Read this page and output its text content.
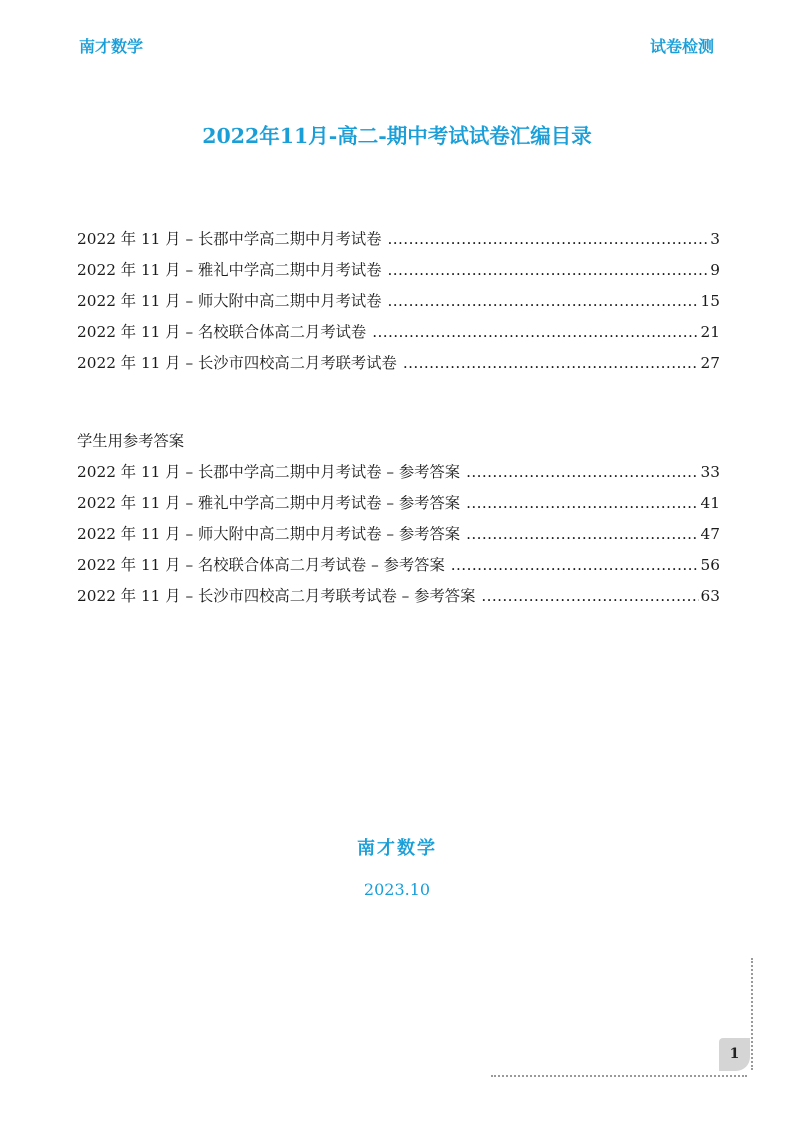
南才数学	试卷检测
2022年11月-高二-期中考试试卷汇编目录
2022 年 11 月 – 长郡中学高二期中月考试卷 .....	3
2022 年 11 月 – 雅礼中学高二期中月考试卷 .....	9
2022 年 11 月 – 师大附中高二期中月考试卷 .....	15
2022 年 11 月 – 名校联合体高二月考试卷 .....	21
2022 年 11 月 – 长沙市四校高二月考联考试卷 .....	27
学生用参考答案
2022 年 11 月 – 长郡中学高二期中月考试卷 – 参考答案 .....	33
2022 年 11 月 – 雅礼中学高二期中月考试卷 – 参考答案 .....	41
2022 年 11 月 – 师大附中高二期中月考试卷 – 参考答案 .....	47
2022 年 11 月 – 名校联合体高二月考试卷 – 参考答案 .....	56
2022 年 11 月 – 长沙市四校高二月考联考试卷 – 参考答案 .....	63
南才数学
2023.10
1
